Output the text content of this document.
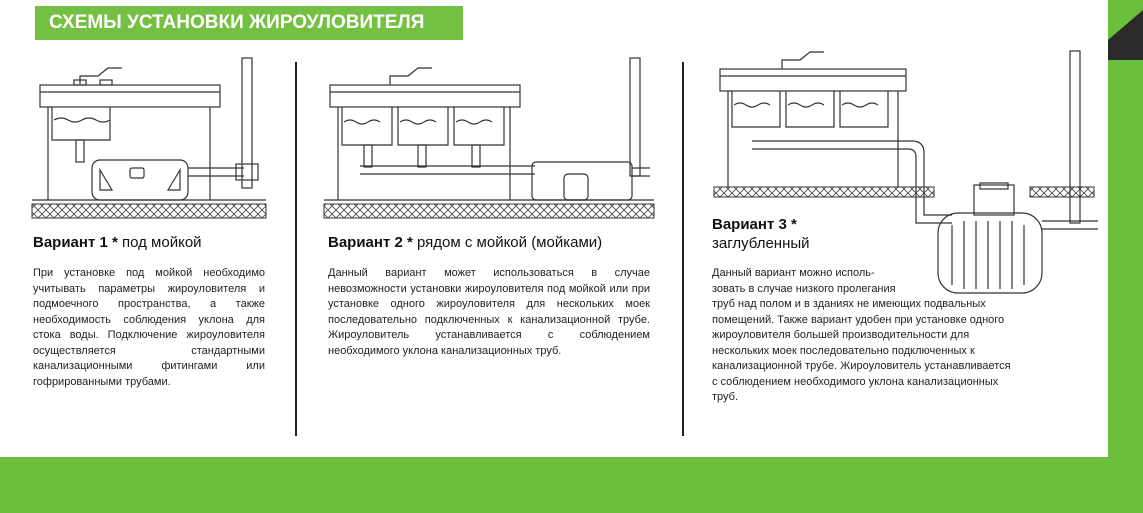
СХЕМЫ УСТАНОВКИ ЖИРОУЛОВИТЕЛЯ
Вариант 1 * под мойкой
При установке под мойкой необходимо учитывать параметры жироуловителя и подмоечного пространства, а также необходимость соблюдения уклона для стока воды. Подключение жироуловителя осуществляется стандартными канализационными фитингами или гофрированными трубами.
Вариант 2 * рядом с мойкой (мойками)
Данный вариант может использоваться в случае невозможности установки жироуловителя под мойкой или при установке одного жироуловителя для нескольких моек последовательно подключенных к канализационной трубе. Жироуловитель устанавливается с соблюдением необходимого уклона канализационных труб.
Вариант 3 *
заглубленный
Данный вариант можно исполь-
зовать в случае низкого пролегания
труб над полом и в зданиях не имеющих подвальных
помещений. Также вариант удобен при установке одного
жироуловителя большей производительности для
нескольких моек последовательно подключенных к
канализационной трубе. Жироуловитель устанавливается
с соблюдением необходимого уклона канализационных
труб.
